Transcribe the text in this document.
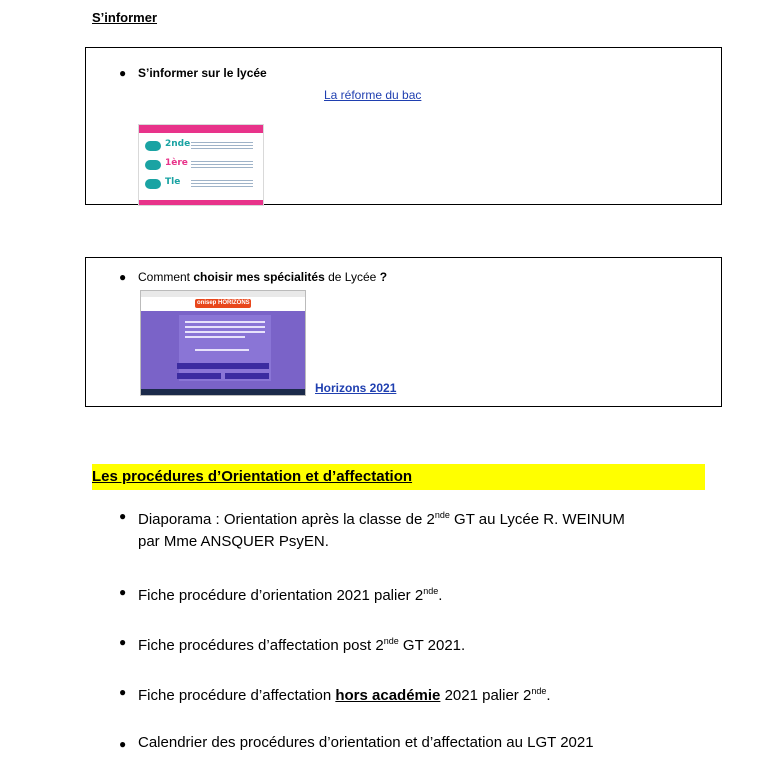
S’informer
● S’informer sur le lycée
La réforme du bac
2nde
1ère
Tle
● Comment choisir mes spécialités de Lycée ?
onisep HORIZONS
Horizons 2021
Les procédures d’Orientation et d’affectation
● Diaporama : Orientation après la classe de 2nde GT au Lycée R. WEINUM
par Mme ANSQUER PsyEN.
● Fiche procédure d’orientation 2021 palier 2nde.
● Fiche procédures d’affectation post 2nde GT 2021.
● Fiche procédure d’affectation hors académie 2021 palier 2nde.
● Calendrier des procédures d’orientation et d’affectation au LGT 2021
